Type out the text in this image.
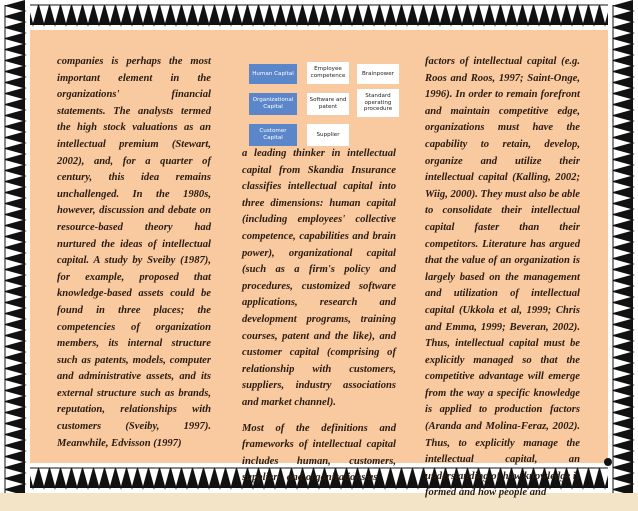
companies is perhaps the most important element in the organizations' financial statements. The analysts termed the high stock valuations as an intellectual premium (Stewart, 2002), and, for a quarter of century, this idea remains unchallenged. In the 1980s, however, discussion and debate on resource-based theory had nurtured the ideas of intellectual capital. A study by Sveiby (1987), for example, proposed that knowledge-based assets could be found in three places; the competencies of organization members, its internal structure such as patents, models, computer and administrative assets, and its external structure such as brands, reputation, relationships with customers (Sveiby, 1997). Meanwhile, Edvisson (1997)

Human Capital
Employee competence	Brainpower
Organizational Capital
Software and patent
Standard operating procedure
Customer Capital
Supplier

a leading thinker in intellectual capital from Skandia Insurance classifies intellectual capital into three dimensions: human capital (including employees' collective competence, capabilities and brain power), organizational capital (such as a firm's policy and procedures, customized software applications, research and development programs, training courses, patent and the like), and customer capital (comprising of relationship with customers, suppliers, industry associations and market channel).

Most of the definitions and frameworks of intellectual capital includes human, customers, suppliers, and organizations as

factors of intellectual capital (e.g. Roos and Roos, 1997; Saint-Onge, 1996). In order to remain forefront and maintain competitive edge, organizations must have the capability to retain, develop, organize and utilize their intellectual capital (Kalling, 2002; Wiig, 2000). They must also be able to consolidate their intellectual capital faster than their competitors. Literature has argued that the value of an organization is largely based on the management and utilization of intellectual capital (Ukkola et al, 1999; Chris and Emma, 1999; Beveran, 2002). Thus, intellectual capital must be explicitly managed so that the competitive advantage will emerge from the way a specific knowledge is applied to production factors (Aranda and Molina-Feraz, 2002). Thus, to explicitly manage the intellectual capital, an understanding of how knowledge is formed and how people and
